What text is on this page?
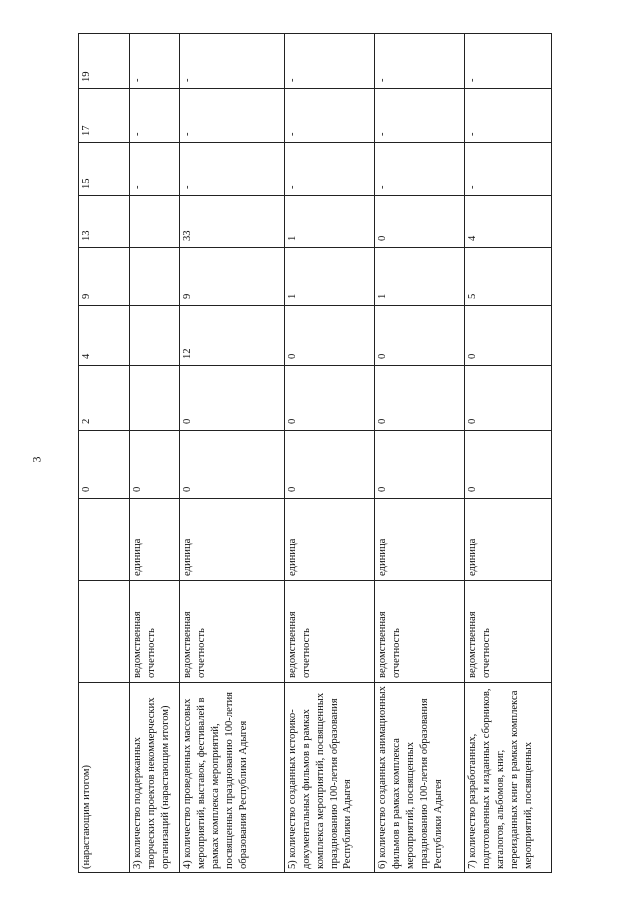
3
(нарастающим итогом)			0	2	4	9	13	15	17	19
3) количество поддержанных творческих проектов некоммерческих организаций (нарастающим итогом)	ведомственная отчетность	единица	0					-	-	-
4) количество проведенных массовых мероприятий, выставок, фестивалей в рамках комплекса мероприятий, посвященных празднованию 100-летия образования Республики Адыгея	ведомственная отчетность	единица	0	0	12	9	33	-	-	-
5) количество созданных историко-документальных фильмов в рамках комплекса мероприятий, посвященных празднованию 100-летия образования Республики Адыгея	ведомственная отчетность	единица	0	0	0	1	1	-	-	-
6) количество созданных анимационных фильмов в рамках комплекса мероприятий, посвященных празднованию 100-летия образования Республики Адыгея	ведомственная отчетность	единица	0	0	0	1	0	-	-	-
7) количество разработанных, подготовленных и изданных сборников, каталогов, альбомов, книг, переизданных книг в рамках комплекса мероприятий, посвященных	ведомственная отчетность	единица	0	0	0	5	4	-	-	-
